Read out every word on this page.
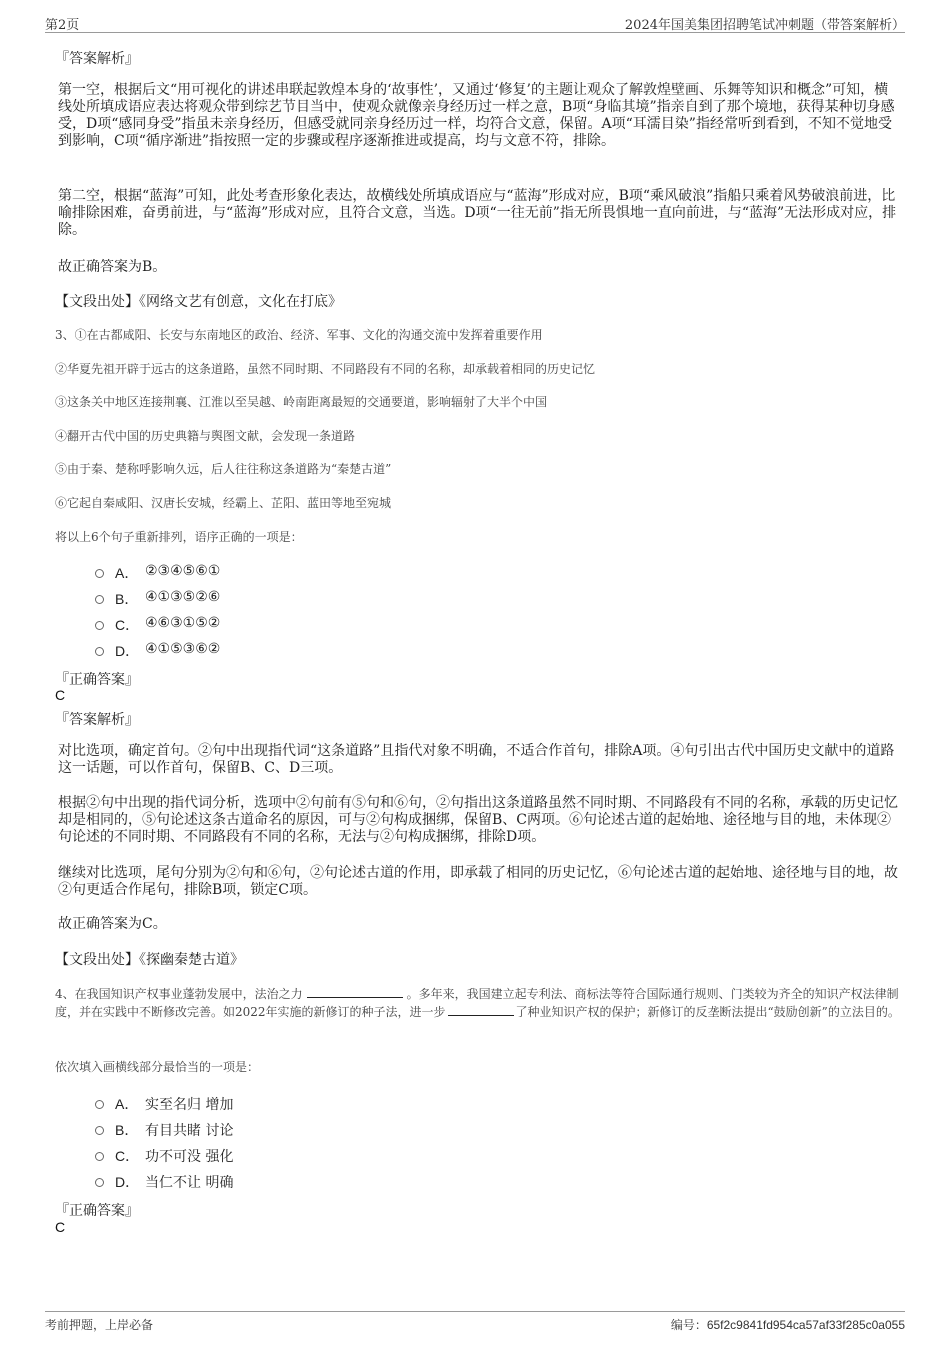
第2页	2024年国美集团招聘笔试冲刺题（带答案解析）
『答案解析』

第一空，根据后文“用可视化的讲述串联起敦煌本身的‘故事性’，又通过‘修复’的主题让观众了解敦煌壁画、乐舞等知识和概念”可知，横线处所填成语应表达将观众带到综艺节目当中，使观众就像亲身经历过一样之意，B项“身临其境”指亲自到了那个境地，获得某种切身感受，D项“感同身受”指虽未亲身经历，但感受就同亲身经历过一样，均符合文意，保留。A项“耳濡目染”指经常听到看到，不知不觉地受到影响，C项“循序渐进”指按照一定的步骤或程序逐渐推进或提高，均与文意不符，排除。

第二空，根据“蓝海”可知，此处考查形象化表达，故横线处所填成语应与“蓝海”形成对应，B项“乘风破浪”指船只乘着风势破浪前进，比喻排除困难，奋勇前进，与“蓝海”形成对应，且符合文意，当选。D项“一往无前”指无所畏惧地一直向前进，与“蓝海”无法形成对应，排除。

故正确答案为B。

【文段出处】《网络文艺有创意，文化在打底》
3、①在古都咸阳、长安与东南地区的政治、经济、军事、文化的沟通交流中发挥着重要作用
②华夏先祖开辟于远古的这条道路，虽然不同时期、不同路段有不同的名称，却承载着相同的历史记忆
③这条关中地区连接荆襄、江淮以至吴越、岭南距离最短的交通要道，影响辐射了大半个中国
④翻开古代中国的历史典籍与舆图文献，会发现一条道路
⑤由于秦、楚称呼影响久远，后人往往称这条道路为“秦楚古道”
⑥它起自秦咸阳、汉唐长安城，经霸上、芷阳、蓝田等地至宛城
将以上6个句子重新排列，语序正确的一项是：
A． ②③④⑤⑥①
B． ④①③⑤②⑥
C． ④⑥③①⑤②
D． ④①⑤③⑥②
『正确答案』
C
『答案解析』

对比选项，确定首句。②句中出现指代词“这条道路”且指代对象不明确，不适合作首句，排除A项。④句引出古代中国历史文献中的道路这一话题，可以作首句，保留B、C、D三项。

根据②句中出现的指代词分析，选项中②句前有⑤句和⑥句，②句指出这条道路虽然不同时期、不同路段有不同的名称，承载的历史记忆却是相同的，⑤句论述这条古道命名的原因，可与②句构成捆绑，保留B、C两项。⑥句论述古道的起始地、途径地与目的地，未体现②句论述的不同时期、不同路段有不同的名称，无法与②句构成捆绑，排除D项。

继续对比选项，尾句分别为②句和⑥句，②句论述古道的作用，即承载了相同的历史记忆，⑥句论述古道的起始地、途径地与目的地，故②句更适合作尾句，排除B项，锁定C项。

故正确答案为C。

【文段出处】《探幽秦楚古道》

4、在我国知识产权事业蓬勃发展中，法治之力	。多年来，我国建立起专利法、商标法等符合国际通行规则、门类较为齐全的知识产权法律制度，并在实践中不断修改完善。如2022年实施的新修订的种子法，进一步	了种业知识产权的保护；新修订的反垄断法提出“鼓励创新”的立法目的。

依次填入画横线部分最恰当的一项是：
A． 实至名归 增加
B． 有目共睹 讨论
C． 功不可没 强化
D． 当仁不让 明确
『正确答案』
C
考前押题，上岸必备	编号：65f2c9841fd954ca57af33f285c0a055
